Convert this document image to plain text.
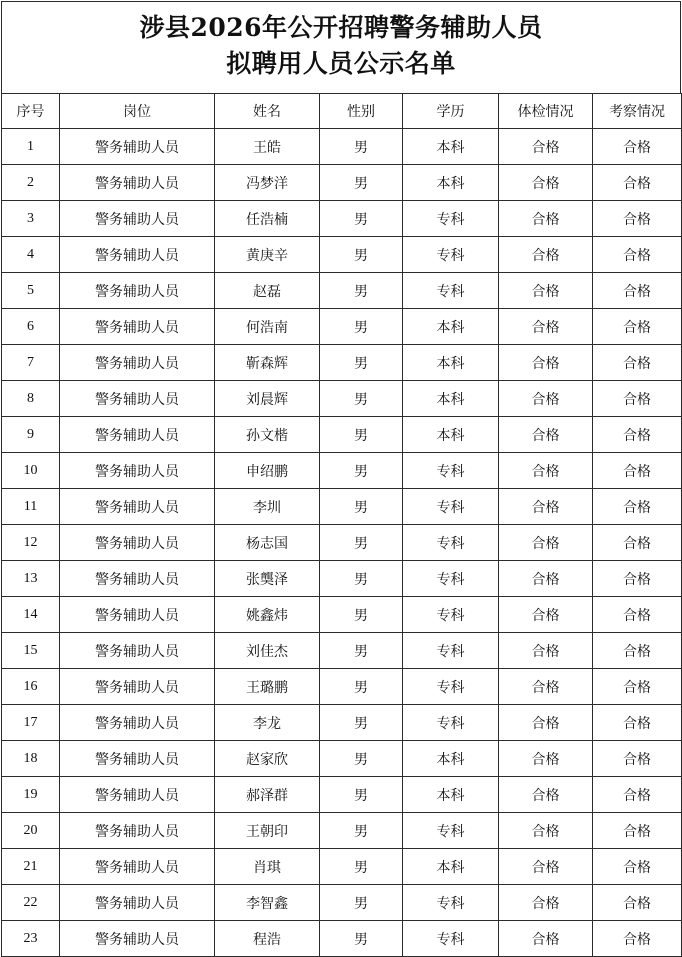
涉县2026年公开招聘警务辅助人员
拟聘用人员公示名单
序号	岗位	姓名	性别	学历	体检情况	考察情况
1	警务辅助人员	王皓	男	本科	合格	合格
2	警务辅助人员	冯梦洋	男	本科	合格	合格
3	警务辅助人员	任浩楠	男	专科	合格	合格
4	警务辅助人员	黄庚辛	男	专科	合格	合格
5	警务辅助人员	赵磊	男	专科	合格	合格
6	警务辅助人员	何浩南	男	本科	合格	合格
7	警务辅助人员	靳森辉	男	本科	合格	合格
8	警务辅助人员	刘晨辉	男	本科	合格	合格
9	警务辅助人员	孙文楷	男	本科	合格	合格
10	警务辅助人员	申绍鹏	男	专科	合格	合格
11	警务辅助人员	李圳	男	专科	合格	合格
12	警务辅助人员	杨志国	男	专科	合格	合格
13	警务辅助人员	张龑泽	男	专科	合格	合格
14	警务辅助人员	姚鑫炜	男	专科	合格	合格
15	警务辅助人员	刘佳杰	男	专科	合格	合格
16	警务辅助人员	王璐鹏	男	专科	合格	合格
17	警务辅助人员	李龙	男	专科	合格	合格
18	警务辅助人员	赵家欣	男	本科	合格	合格
19	警务辅助人员	郝泽群	男	本科	合格	合格
20	警务辅助人员	王朝印	男	专科	合格	合格
21	警务辅助人员	肖琪	男	本科	合格	合格
22	警务辅助人员	李智鑫	男	专科	合格	合格
23	警务辅助人员	程浩	男	专科	合格	合格
